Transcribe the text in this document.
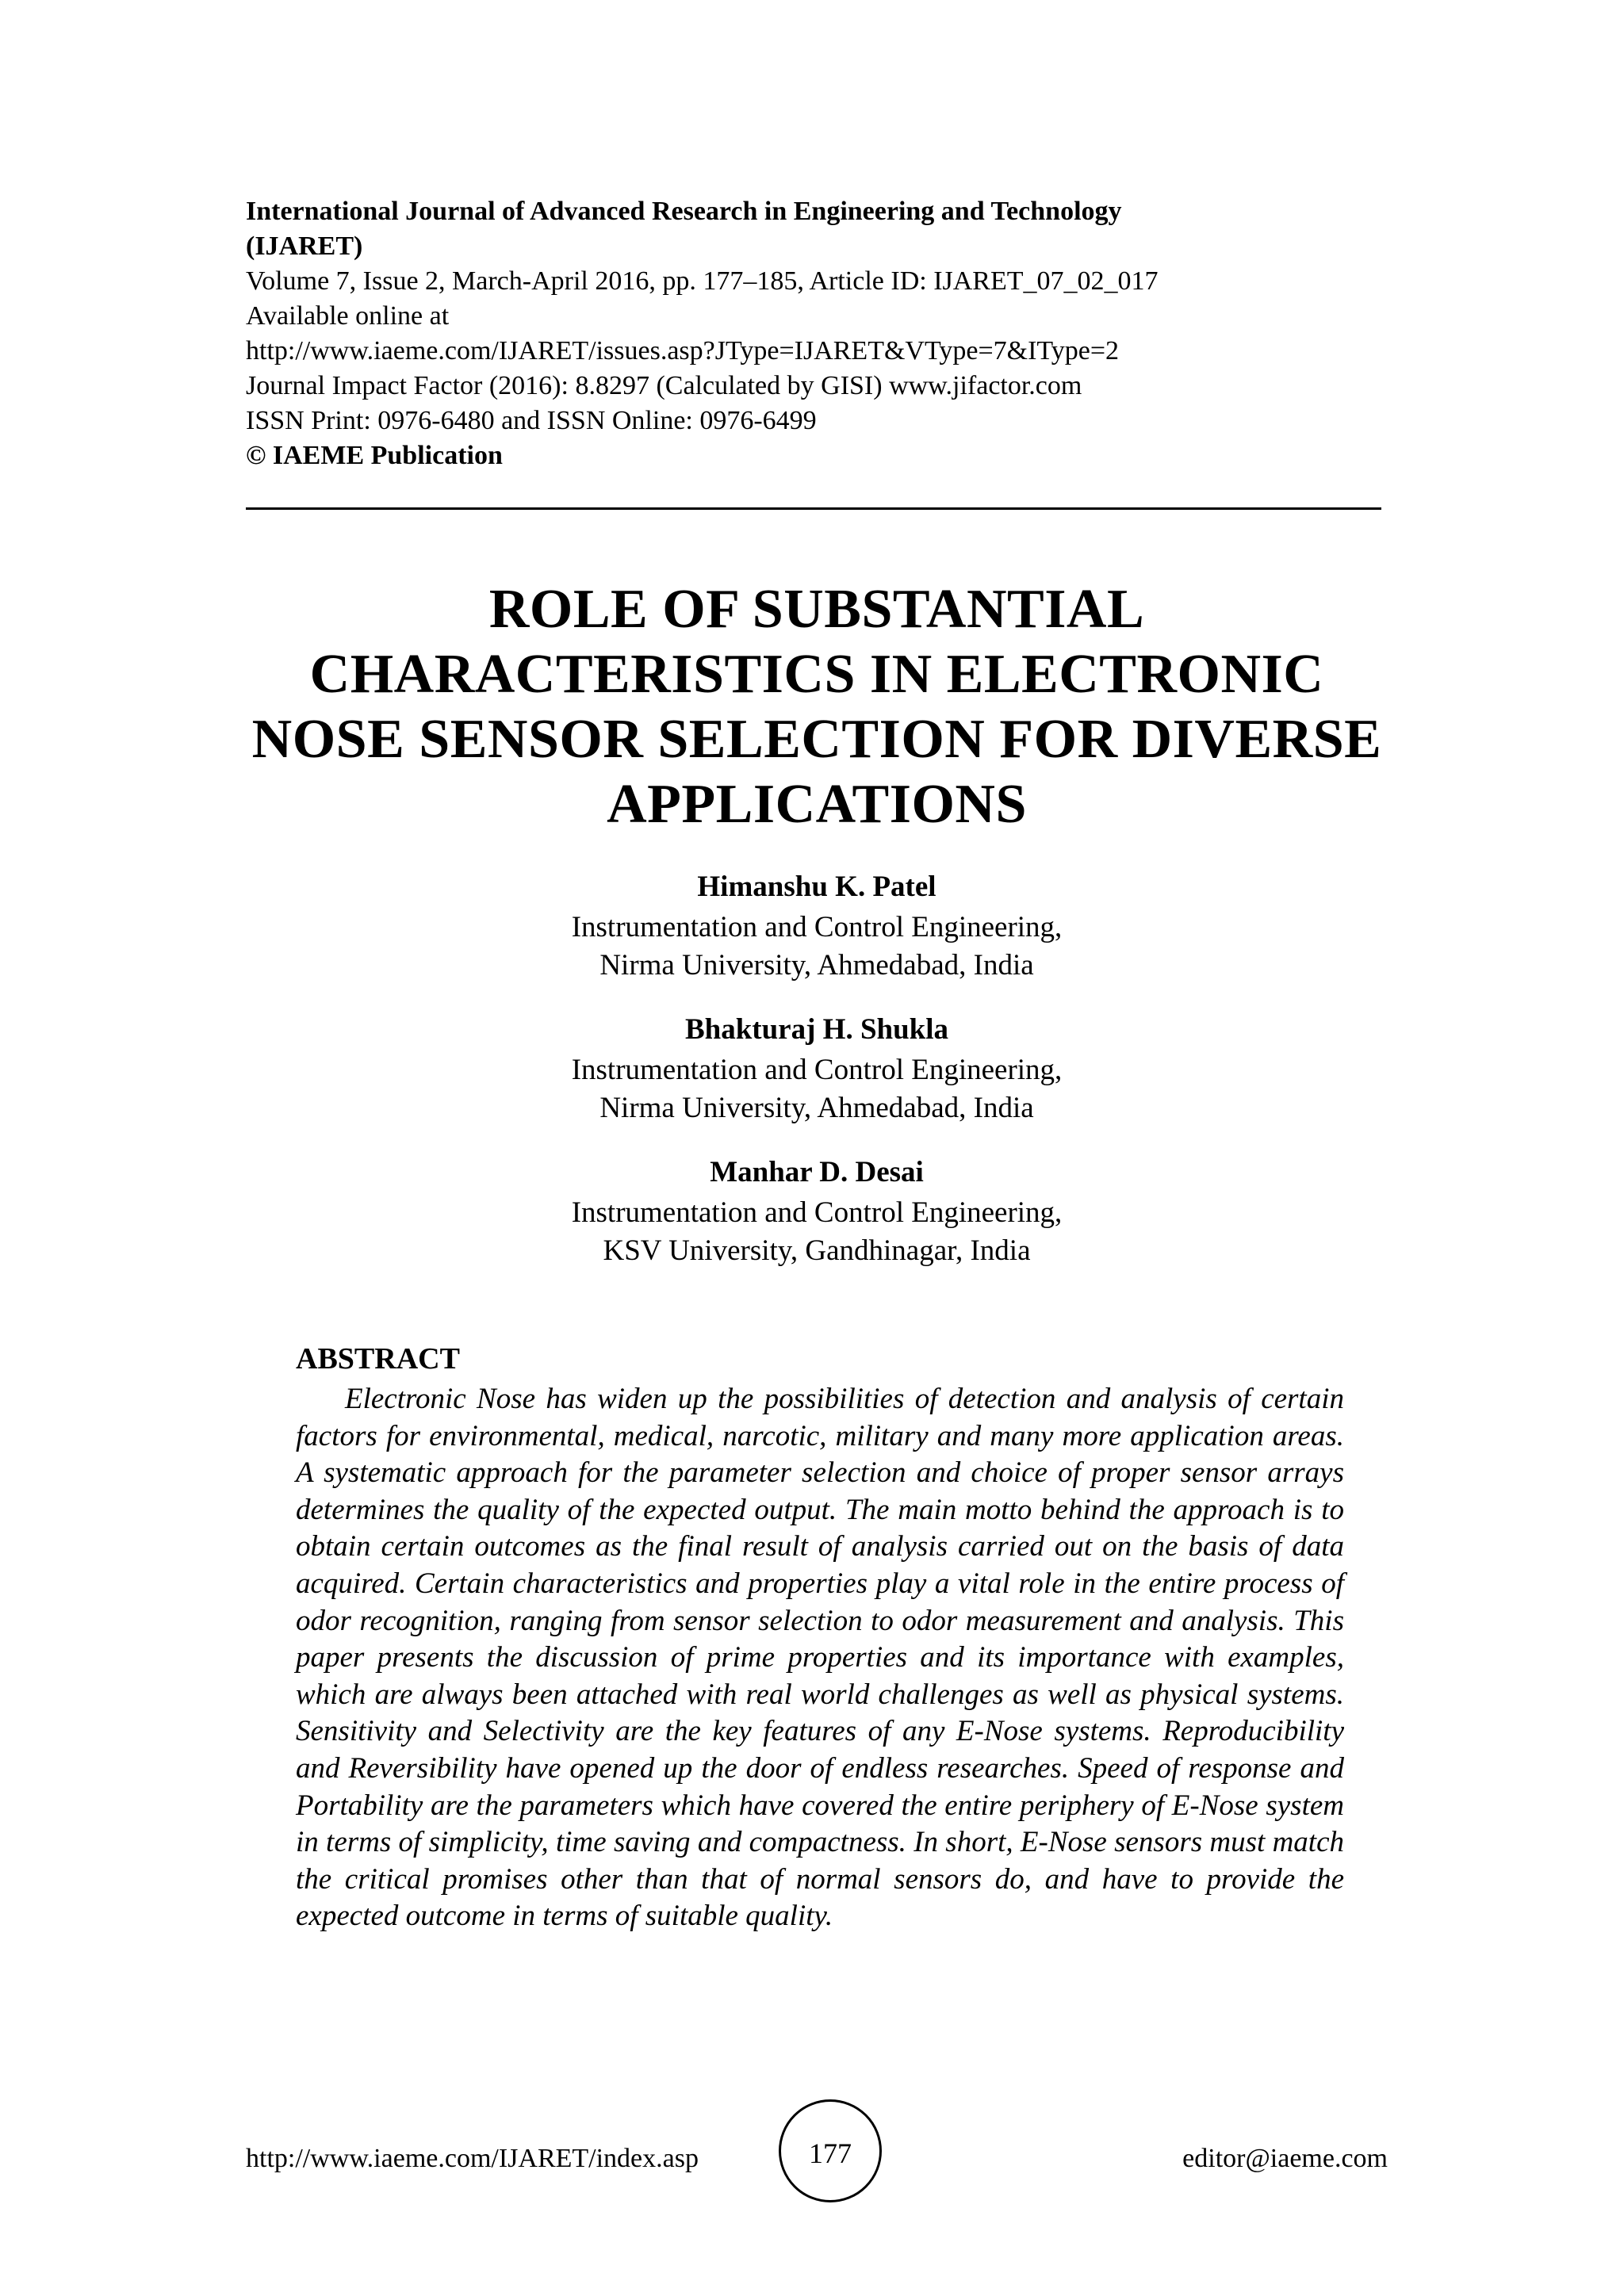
International Journal of Advanced Research in Engineering and Technology
(IJARET)
Volume 7, Issue 2, March-April 2016, pp. 177–185, Article ID: IJARET_07_02_017
Available online at
http://www.iaeme.com/IJARET/issues.asp?JType=IJARET&VType=7&IType=2
Journal Impact Factor (2016): 8.8297 (Calculated by GISI) www.jifactor.com
ISSN Print: 0976-6480 and ISSN Online: 0976-6499
© IAEME Publication
ROLE OF SUBSTANTIAL
CHARACTERISTICS IN ELECTRONIC
NOSE SENSOR SELECTION FOR DIVERSE
APPLICATIONS
Himanshu K. Patel
Instrumentation and Control Engineering,
Nirma University, Ahmedabad, India
Bhakturaj H. Shukla
Instrumentation and Control Engineering,
Nirma University, Ahmedabad, India
Manhar D. Desai
Instrumentation and Control Engineering,
KSV University, Gandhinagar, India
ABSTRACT
Electronic Nose has widen up the possibilities of detection and analysis of certain factors for environmental, medical, narcotic, military and many more application areas. A systematic approach for the parameter selection and choice of proper sensor arrays determines the quality of the expected output. The main motto behind the approach is to obtain certain outcomes as the final result of analysis carried out on the basis of data acquired. Certain characteristics and properties play a vital role in the entire process of odor recognition, ranging from sensor selection to odor measurement and analysis. This paper presents the discussion of prime properties and its importance with examples, which are always been attached with real world challenges as well as physical systems. Sensitivity and Selectivity are the key features of any E-Nose systems. Reproducibility and Reversibility have opened up the door of endless researches. Speed of response and Portability are the parameters which have covered the entire periphery of E-Nose system in terms of simplicity, time saving and compactness. In short, E-Nose sensors must match the critical promises other than that of normal sensors do, and have to provide the expected outcome in terms of suitable quality.
http://www.iaeme.com/IJARET/index.asp	177	editor@iaeme.com
